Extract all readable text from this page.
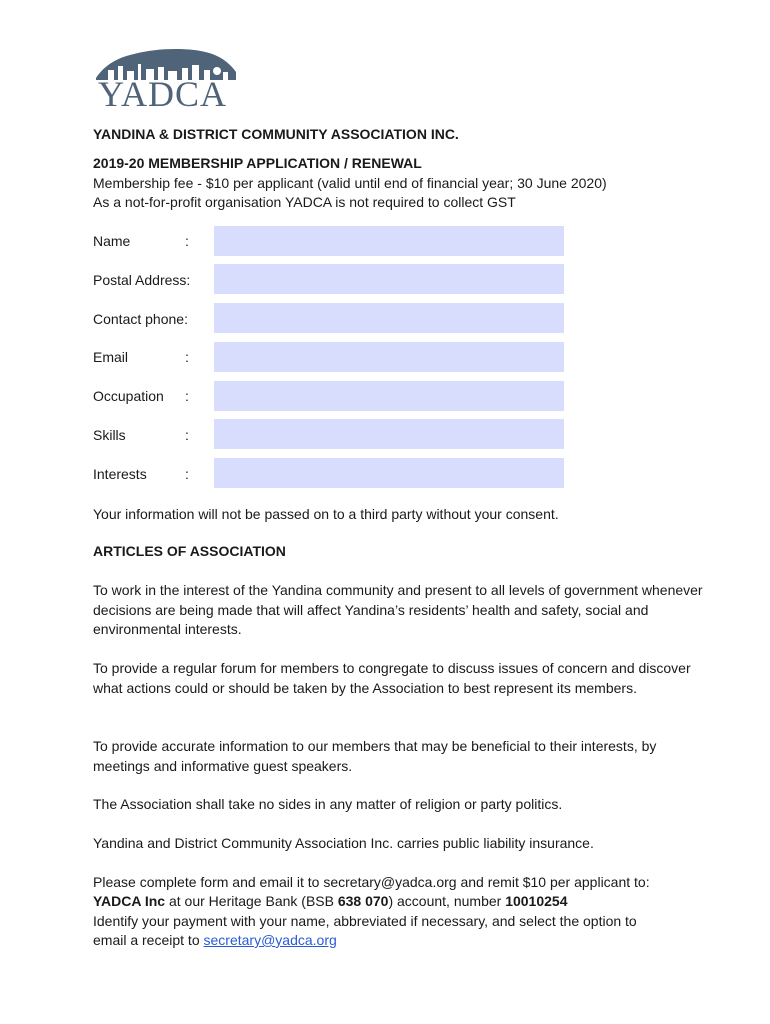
YADCA
YANDINA & DISTRICT COMMUNITY ASSOCIATION INC.
2019-20 MEMBERSHIP APPLICATION / RENEWAL
Membership fee - $10 per applicant (valid until end of financial year; 30 June 2020)
As a not-for-profit organisation YADCA is not required to collect GST
Name	:
Postal Address:
Contact phone:
Email	:
Occupation :
Skills	:
Interests	:
Your information will not be passed on to a third party without your consent.
ARTICLES OF ASSOCIATION
To work in the interest of the Yandina community and present to all levels of government whenever decisions are being made that will affect Yandina’s residents’ health and safety, social and environmental interests.
To provide a regular forum for members to congregate to discuss issues of concern and discover what actions could or should be taken by the Association to best represent its members.
To provide accurate information to our members that may be beneficial to their interests, by meetings and informative guest speakers.
The Association shall take no sides in any matter of religion or party politics.
Yandina and District Community Association Inc. carries public liability insurance.
Please complete form and email it to secretary@yadca.org and remit $10 per applicant to:
YADCA Inc at our Heritage Bank (BSB 638 070) account, number 10010254
Identify your payment with your name, abbreviated if necessary, and select the option to
email a receipt to secretary@yadca.org
